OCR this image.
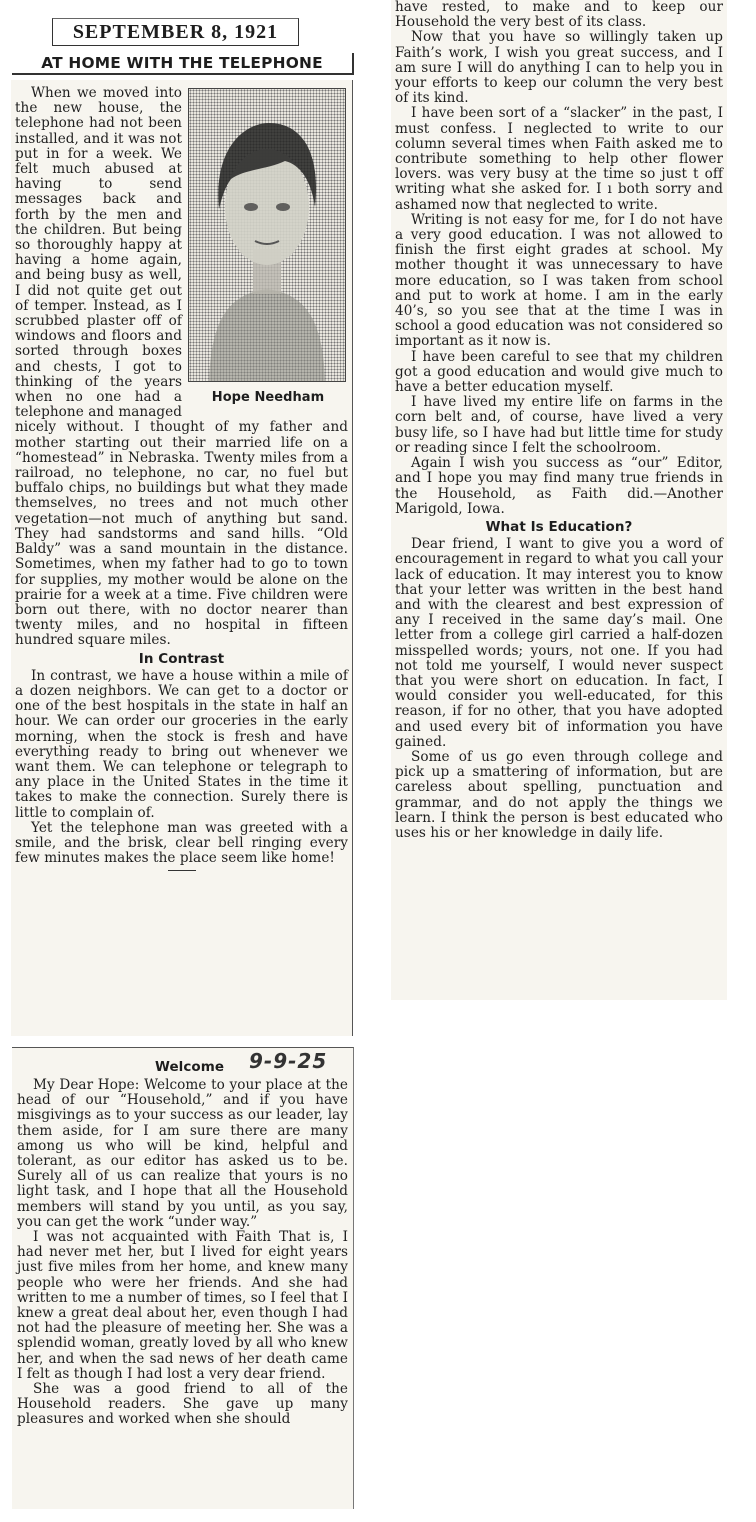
SEPTEMBER 8, 1921
AT HOME WITH THE TELEPHONE
Hope Needham

When we moved into the new house, the telephone had not been installed, and it was not put in for a week. We felt much abused at having to send messages back and forth by the men and the children. But being so thoroughly happy at having a home again, and being busy as well, I did not quite get out of temper. Instead, as I scrubbed plaster off of windows and floors and sorted through boxes and chests, I got to thinking of the years when no one had a telephone and managed nicely without. I thought of my father and mother starting out their married life on a “homestead” in Nebraska. Twenty miles from a railroad, no telephone, no car, no fuel but buffalo chips, no buildings but what they made themselves, no trees and not much other vegetation—not much of anything but sand. They had sandstorms and sand hills. “Old Baldy” was a sand mountain in the distance. Sometimes, when my father had to go to town for supplies, my mother would be alone on the prairie for a week at a time. Five children were born out there, with no doctor nearer than twenty miles, and no hospital in fifteen hundred square miles.

In Contrast

In contrast, we have a house within a mile of a dozen neighbors. We can get to a doctor or one of the best hospitals in the state in half an hour. We can order our groceries in the early morning, when the stock is fresh and have everything ready to bring out whenever we want them. We can telephone or telegraph to any place in the United States in the time it takes to make the connection. Surely there is little to complain of.

Yet the telephone man was greeted with a smile, and the brisk, clear bell ringing every few minutes makes the place seem like home!

Welcome 9-9-25

My Dear Hope: Welcome to your place at the head of our “Household,” and if you have misgivings as to your success as our leader, lay them aside, for I am sure there are many among us who will be kind, helpful and tolerant, as our editor has asked us to be. Surely all of us can realize that yours is no light task, and I hope that all the Household members will stand by you until, as you say, you can get the work “under way.”

I was not acquainted with Faith That is, I had never met her, but I lived for eight years just five miles from her home, and knew many people who were her friends. And she had written to me a number of times, so I feel that I knew a great deal about her, even though I had not had the pleasure of meeting her. She was a splendid woman, greatly loved by all who knew her, and when the sad news of her death came I felt as though I had lost a very dear friend.

She was a good friend to all of the Household readers. She gave up many pleasures and worked when she should

have rested, to make and to keep our Household the very best of its class.

Now that you have so willingly taken up Faith’s work, I wish you great success, and I am sure I will do anything I can to help you in your efforts to keep our column the very best of its kind.

I have been sort of a “slacker” in the past, I must confess. I neglected to write to our column several times when Faith asked me to contribute something to help other flower lovers. was very busy at the time so just t off writing what she asked for. I ı both sorry and ashamed now that neglected to write.

Writing is not easy for me, for I do not have a very good education. I was not allowed to finish the first eight grades at school. My mother thought it was unnecessary to have more education, so I was taken from school and put to work at home. I am in the early 40’s, so you see that at the time I was in school a good education was not considered so important as it now is.

I have been careful to see that my children got a good education and would give much to have a better education myself.

I have lived my entire life on farms in the corn belt and, of course, have lived a very busy life, so I have had but little time for study or reading since I felt the schoolroom.

Again I wish you success as “our” Editor, and I hope you may find many true friends in the Household, as Faith did.—Another Marigold, Iowa.

What Is Education?

Dear friend, I want to give you a word of encouragement in regard to what you call your lack of education. It may interest you to know that your letter was written in the best hand and with the clearest and best expression of any I received in the same day’s mail. One letter from a college girl carried a half-dozen misspelled words; yours, not one. If you had not told me yourself, I would never suspect that you were short on education. In fact, I would consider you well-educated, for this reason, if for no other, that you have adopted and used every bit of information you have gained.

Some of us go even through college and pick up a smattering of information, but are careless about spelling, punctuation and grammar, and do not apply the things we learn. I think the person is best educated who uses his or her knowledge in daily life.
